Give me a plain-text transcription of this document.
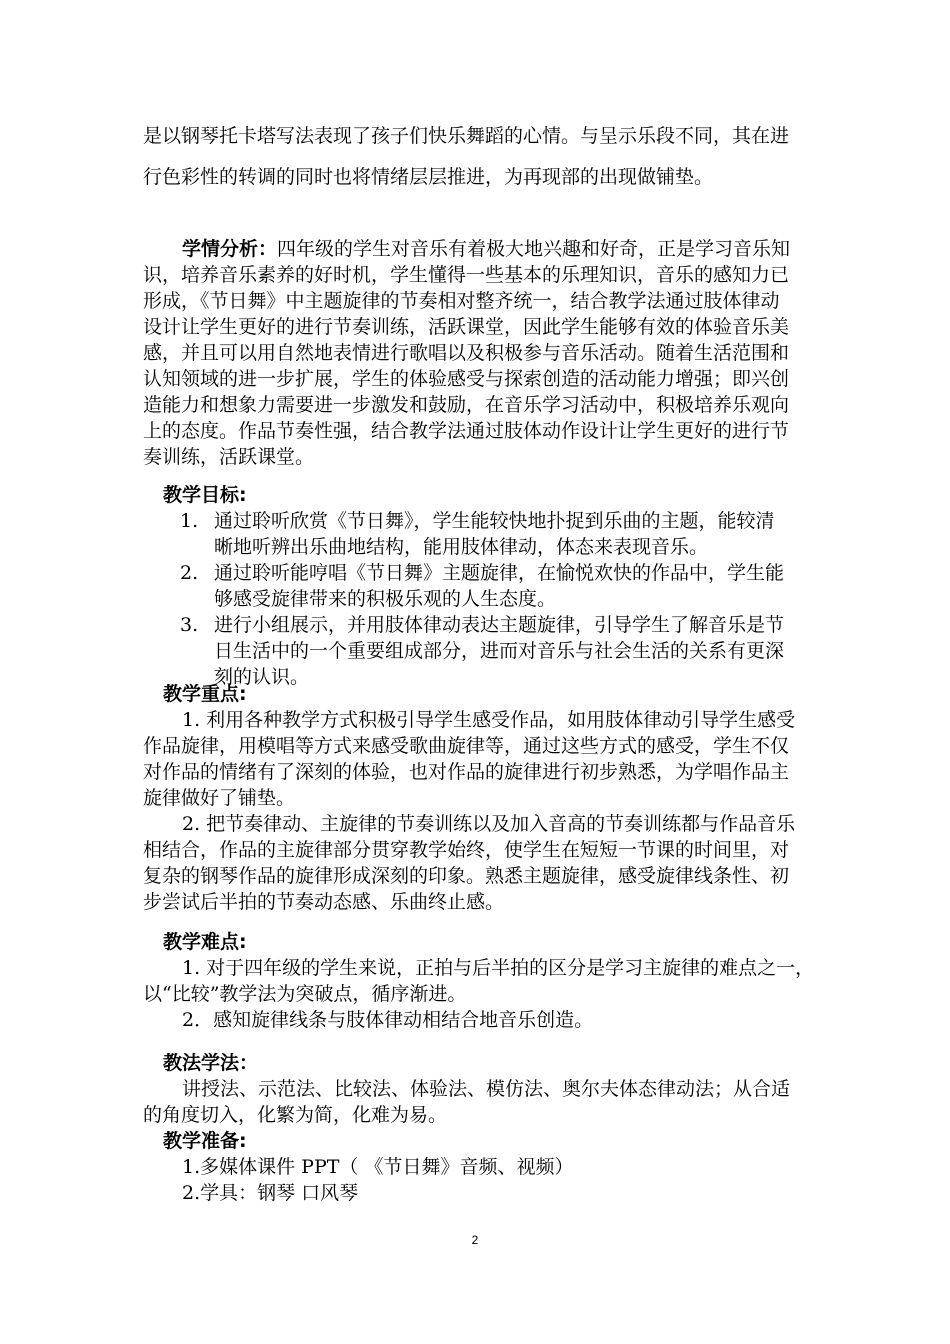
是以钢琴托卡塔写法表现了孩子们快乐舞蹈的心情。与呈示乐段不同，其在进
行色彩性的转调的同时也将情绪层层推进，为再现部的出现做铺垫。
学情分析：四年级的学生对音乐有着极大地兴趣和好奇，正是学习音乐知
识，培养音乐素养的好时机，学生懂得一些基本的乐理知识，音乐的感知力已
形成，《节日舞》中主题旋律的节奏相对整齐统一，结合教学法通过肢体律动
设计让学生更好的进行节奏训练，活跃课堂，因此学生能够有效的体验音乐美
感，并且可以用自然地表情进行歌唱以及积极参与音乐活动。随着生活范围和
认知领域的进一步扩展，学生的体验感受与探索创造的活动能力增强；即兴创
造能力和想象力需要进一步激发和鼓励，在音乐学习活动中，积极培养乐观向
上的态度。作品节奏性强，结合教学法通过肢体动作设计让学生更好的进行节
奏训练，活跃课堂。
教学目标:
1. 通过聆听欣赏《节日舞》，学生能较快地扑捉到乐曲的主题，能较清
晰地听辨出乐曲地结构，能用肢体律动，体态来表现音乐。
2. 通过聆听能哼唱《节日舞》主题旋律，在愉悦欢快的作品中，学生能
够感受旋律带来的积极乐观的人生态度。
3. 进行小组展示，并用肢体律动表达主题旋律，引导学生了解音乐是节
日生活中的一个重要组成部分，进而对音乐与社会生活的关系有更深
刻的认识。
教学重点:
1. 利用各种教学方式积极引导学生感受作品，如用肢体律动引导学生感受
作品旋律，用模唱等方式来感受歌曲旋律等，通过这些方式的感受，学生不仅
对作品的情绪有了深刻的体验，也对作品的旋律进行初步熟悉，为学唱作品主
旋律做好了铺垫。
2. 把节奏律动、主旋律的节奏训练以及加入音高的节奏训练都与作品音乐
相结合，作品的主旋律部分贯穿教学始终，使学生在短短一节课的时间里，对
复杂的钢琴作品的旋律形成深刻的印象。熟悉主题旋律，感受旋律线条性、初
步尝试后半拍的节奏动态感、乐曲终止感。
教学难点:
1. 对于四年级的学生来说，正拍与后半拍的区分是学习主旋律的难点之一，
以“比较”教学法为突破点，循序渐进。
2．感知旋律线条与肢体律动相结合地音乐创造。
教法学法：
讲授法、示范法、比较法、体验法、模仿法、奥尔夫体态律动法；从合适
的角度切入，化繁为简，化难为易。
教学准备:
1.多媒体课件 PPT（ 《节日舞》音频、视频）
2.学具：钢琴 口风琴
2
